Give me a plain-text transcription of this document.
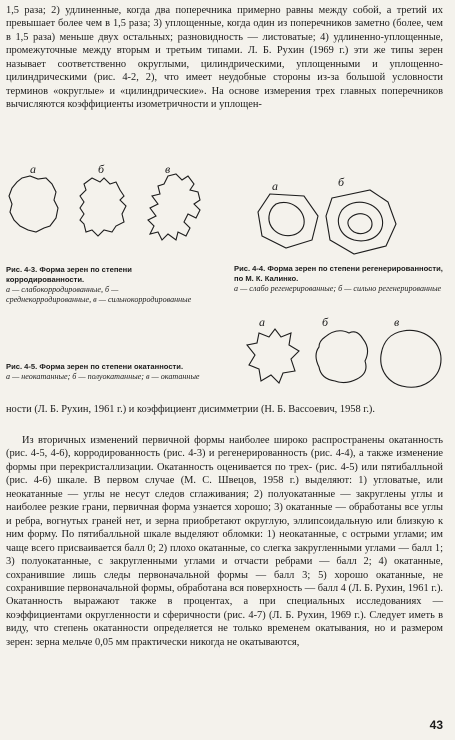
1,5 раза; 2) удлиненные, когда два поперечника примерно равны между собой, а третий их превышает более чем в 1,5 раза; 3) уплощенные, когда один из поперечников заметно (более, чем в 1,5 раза) меньше двух остальных; разновидность — листоватые; 4) удлиненно-уплощенные, промежуточные между вторым и третьим типами. Л. Б. Рухин (1969 г.) эти же типы зерен называет соответственно округлыми, цилиндрическими, уплощенными и уплощенно-цилиндрическими (рис. 4-2, 2), что имеет неудобные стороны из-за большой условности терминов «округлые» и «цилиндрические». На основе измерения трех главных поперечников вычисляются коэффициенты изометричности и уплощен-

а	б	в
Рис. 4-3. Форма зерен по степени корродированности.
а — слабокорродированные, б — среднекорродированные, в — сильнокорродированные
а	б
Рис. 4-4. Форма зерен по степени регенерированности, по М. К. Калинко.
а — слабо регенерированные; б — сильно регенерированные
а	б	в
Рис. 4-5. Форма зерен по степени окатанности.
а — неокатанные; б — полуокатанные; в — окатанные

ности (Л. Б. Рухин, 1961 г.) и коэффициент дисимметрии (Н. Б. Вассоевич, 1958 г.).

Из вторичных изменений первичной формы наиболее широко распространены окатанность (рис. 4-5, 4-6), корродированность (рис. 4-3) и регенерированность (рис. 4-4), а также изменение формы при перекристаллизации. Окатанность оценивается по трех- (рис. 4-5) или пятибалльной (рис. 4-6) шкале. В первом случае (М. С. Швецов, 1958 г.) выделяют: 1) угловатые, или неокатанные — углы не несут следов сглаживания; 2) полуокатанные — закруглены углы и наиболее резкие грани, первичная форма узнается хорошо; 3) окатанные — обработаны все углы и ребра, вогнутых граней нет, и зерна приобретают округлую, эллипсоидальную или близкую к ним форму. По пятибалльной шкале выделяют обломки: 1) неокатанные, с острыми углами; им чаще всего присваивается балл 0; 2) плохо окатанные, со слегка закругленными углами — балл 1; 3) полуокатанные, с закругленными углами и отчасти ребрами — балл 2; 4) окатанные, сохранившие лишь следы первоначальной формы — балл 3; 5) хорошо окатанные, не сохранившие первоначальной формы, обработана вся поверхность — балл 4 (Л. Б. Рухин, 1961 г.). Окатанность выражают также в процентах, а при специальных исследованиях — коэффициентами округленности и сферичности (рис. 4-7) (Л. Б. Рухин, 1969 г.). Следует иметь в виду, что степень окатанности определяется не только временем окатывания, но и размером зерен: зерна мельче 0,05 мм практически никогда не окатываются,

43
